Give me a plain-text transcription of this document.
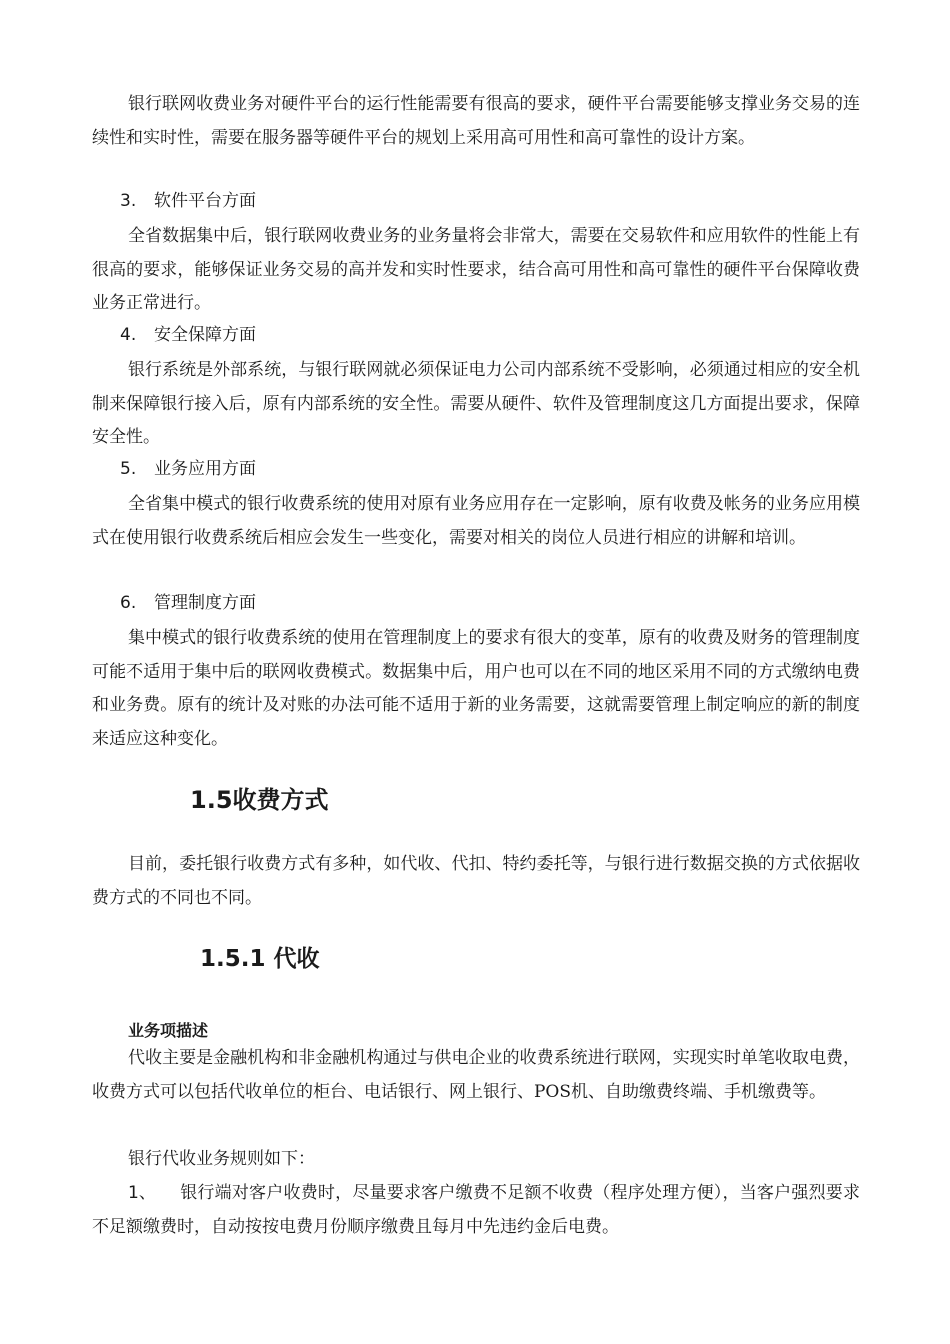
银行联网收费业务对硬件平台的运行性能需要有很高的要求，硬件平台需要能够支撑业务交易的连续性和实时性，需要在服务器等硬件平台的规划上采用高可用性和高可靠性的设计方案。

3. 软件平台方面

全省数据集中后，银行联网收费业务的业务量将会非常大，需要在交易软件和应用软件的性能上有很高的要求，能够保证业务交易的高并发和实时性要求，结合高可用性和高可靠性的硬件平台保障收费业务正常进行。

4. 安全保障方面

银行系统是外部系统，与银行联网就必须保证电力公司内部系统不受影响，必须通过相应的安全机制来保障银行接入后，原有内部系统的安全性。需要从硬件、软件及管理制度这几方面提出要求，保障安全性。

5. 业务应用方面

全省集中模式的银行收费系统的使用对原有业务应用存在一定影响，原有收费及帐务的业务应用模式在使用银行收费系统后相应会发生一些变化，需要对相关的岗位人员进行相应的讲解和培训。

6. 管理制度方面

集中模式的银行收费系统的使用在管理制度上的要求有很大的变革，原有的收费及财务的管理制度可能不适用于集中后的联网收费模式。数据集中后，用户也可以在不同的地区采用不同的方式缴纳电费和业务费。原有的统计及对账的办法可能不适用于新的业务需要，这就需要管理上制定响应的新的制度来适应这种变化。

1.5收费方式

目前，委托银行收费方式有多种，如代收、代扣、特约委托等，与银行进行数据交换的方式依据收费方式的不同也不同。

1.5.1 代收
业务项描述

代收主要是金融机构和非金融机构通过与供电企业的收费系统进行联网，实现实时单笔收取电费，收费方式可以包括代收单位的柜台、电话银行、网上银行、POS机、自助缴费终端、手机缴费等。

银行代收业务规则如下：

1、 银行端对客户收费时，尽量要求客户缴费不足额不收费（程序处理方便），当客户强烈要求不足额缴费时，自动按按电费月份顺序缴费且每月中先违约金后电费。
